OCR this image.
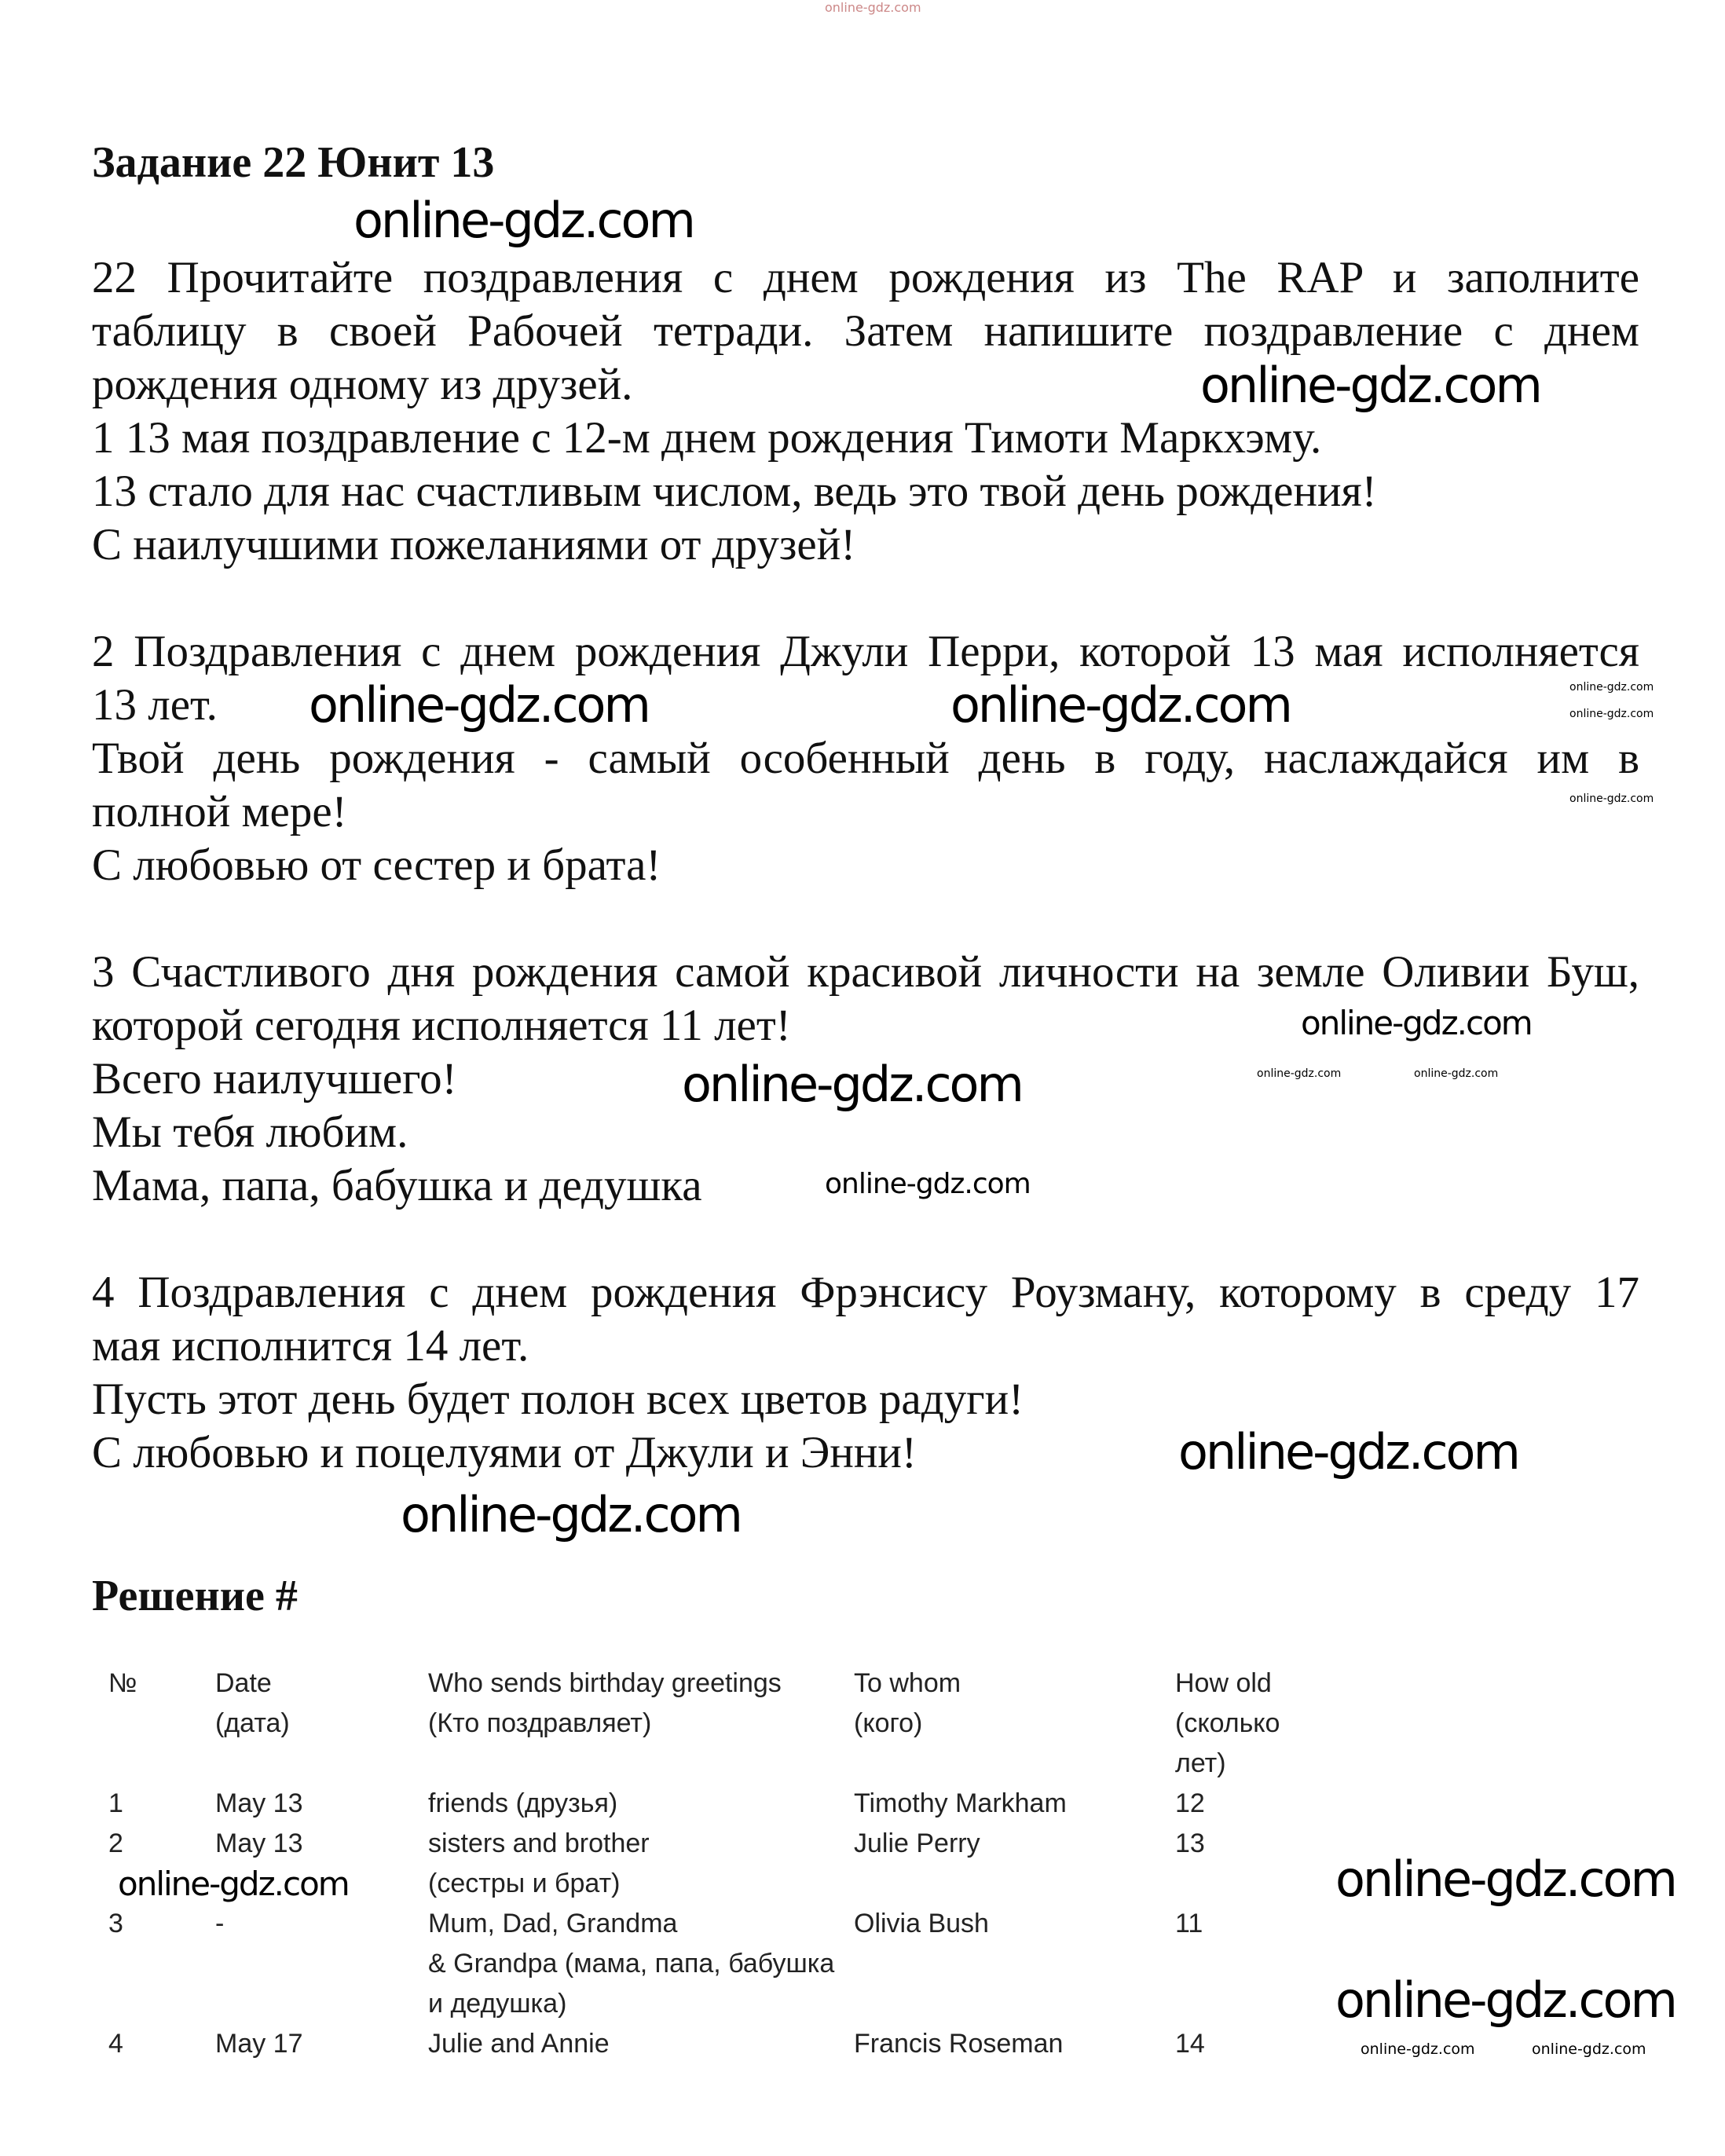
online-gdz.com
Задание 22 Юнит 13
22 Прочитайте поздравления с днем рождения из The RAP и заполните
таблицу в своей Рабочей тетради. Затем напишите поздравление с днем
рождения одному из друзей.
1 13 мая поздравление с 12-м днем рождения Тимоти Маркхэму.
13 стало для нас счастливым числом, ведь это твой день рождения!
С наилучшими пожеланиями от друзей!
2 Поздравления с днем рождения Джули Перри, которой 13 мая исполняется
13 лет.
Твой день рождения - самый особенный день в году, наслаждайся им в
полной мере!
С любовью от сестер и брата!
3 Счастливого дня рождения самой красивой личности на земле Оливии Буш,
которой сегодня исполняется 11 лет!
Всего наилучшего!
Мы тебя любим.
Мама, папа, бабушка и дедушка
4 Поздравления с днем рождения Фрэнсису Роузману, которому в среду 17
мая исполнится 14 лет.
Пусть этот день будет полон всех цветов радуги!
С любовью и поцелуями от Джули и Энни!
Решение #
№	Date	Who sends birthday greetings	To whom	How old
(дата)	(Кто поздравляет)	(кого)	(сколько
лет)
1	May 13	friends (друзья)	Timothy Markham	12
2	May 13	sisters and brother	Julie Perry	13
(сестры и брат)
3	-	Mum, Dad, Grandma	Olivia Bush	11
& Grandpa (мама, папа, бабушка
и дедушка)
4	May 17	Julie and Annie	Francis Roseman	14
online-gdz.com
online-gdz.com
online-gdz.com
online-gdz.com
online-gdz.com
online-gdz.com	online-gdz.com
online-gdz.com	online-gdz.com
online-gdz.com
online-gdz.com
online-gdz.com
online-gdz.com
online-gdz.com
online-gdz.com
online-gdz.com
online-gdz.com
online-gdz.com	online-gdz.com
